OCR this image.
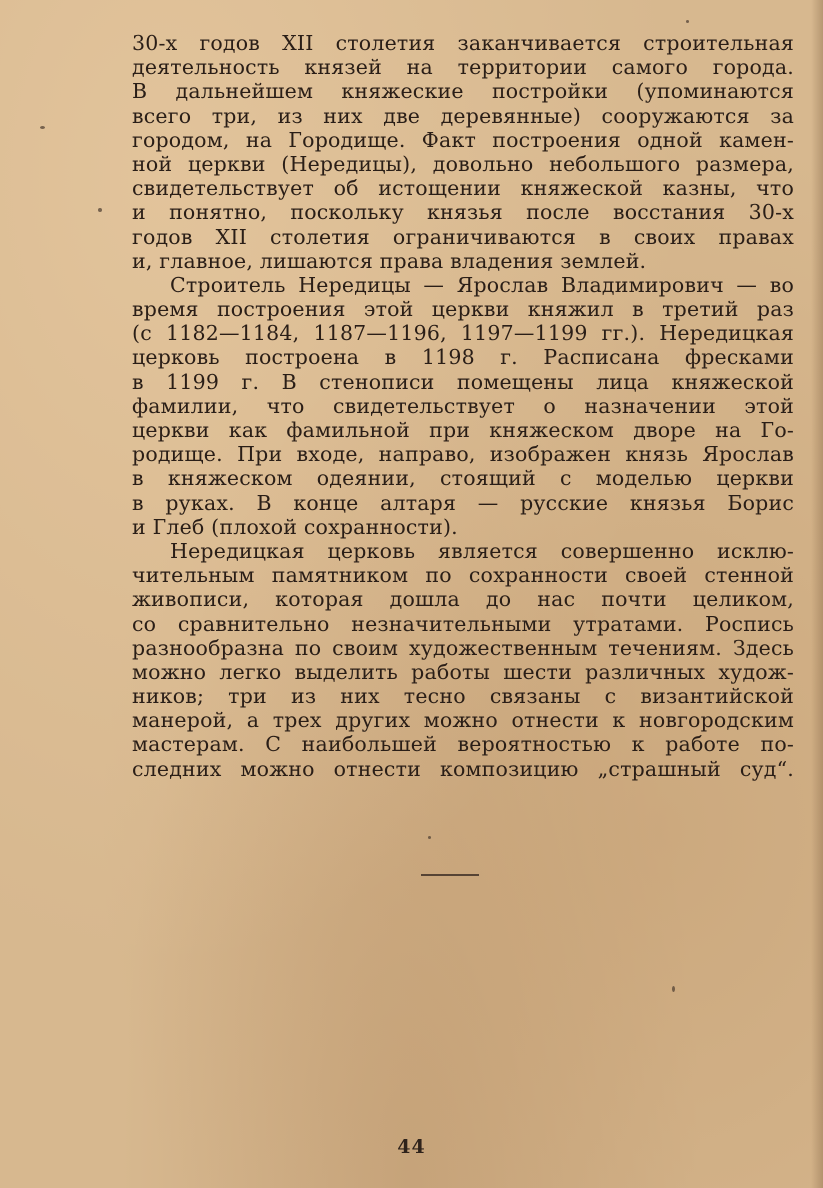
30-х годов XII столетия заканчивается строительная
деятельность князей на территории самого города.
В дальнейшем княжеские постройки (упоминаются
всего три, из них две деревянные) сооружаются за
городом, на Городище. Факт построения одной камен-
ной церкви (Нередицы), довольно небольшого размера,
свидетельствует об истощении княжеской казны, что
и понятно, поскольку князья после восстания 30-х
годов XII столетия ограничиваются в своих правах
и, главное, лишаются права владения землей.
Строитель Нередицы — Ярослав Владимирович — во
время построения этой церкви княжил в третий раз
(с 1182—1184, 1187—1196, 1197—1199 гг.). Нередицкая
церковь построена в 1198 г. Расписана фресками
в 1199 г. В стенописи помещены лица княжеской
фамилии, что свидетельствует о назначении этой
церкви как фамильной при княжеском дворе на Го-
родище. При входе, направо, изображен князь Ярослав
в княжеском одеянии, стоящий с моделью церкви
в руках. В конце алтаря — русские князья Борис
и Глеб (плохой сохранности).
Нередицкая церковь является совершенно исклю-
чительным памятником по сохранности своей стенной
живописи, которая дошла до нас почти целиком,
со сравнительно незначительными утратами. Роспись
разнообразна по своим художественным течениям. Здесь
можно легко выделить работы шести различных худож-
ников; три из них тесно связаны с византийской
манерой, а трех других можно отнести к новгородским
мастерам. С наибольшей вероятностью к работе по-
следних можно отнести композицию „страшный суд“.
44
